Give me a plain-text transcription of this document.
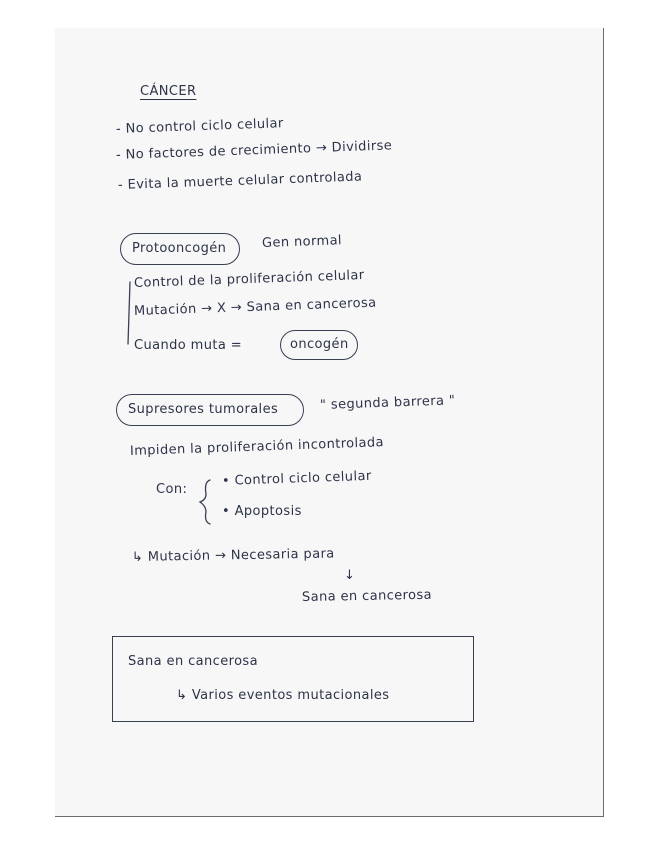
CÁNCER
- No control ciclo celular
- No factores de crecimiento → Dividirse
- Evita la muerte celular controlada
Protooncogén	Gen normal
Control de la proliferación celular
Mutación → X → Sana en cancerosa
Cuando muta =	oncogén
Supresores tumorales	" segunda barrera "
Impiden la proliferación incontrolada
Con:
• Control ciclo celular
• Apoptosis
↳ Mutación → Necesaria para
↓
Sana en cancerosa
Sana en cancerosa
↳ Varios eventos mutacionales
